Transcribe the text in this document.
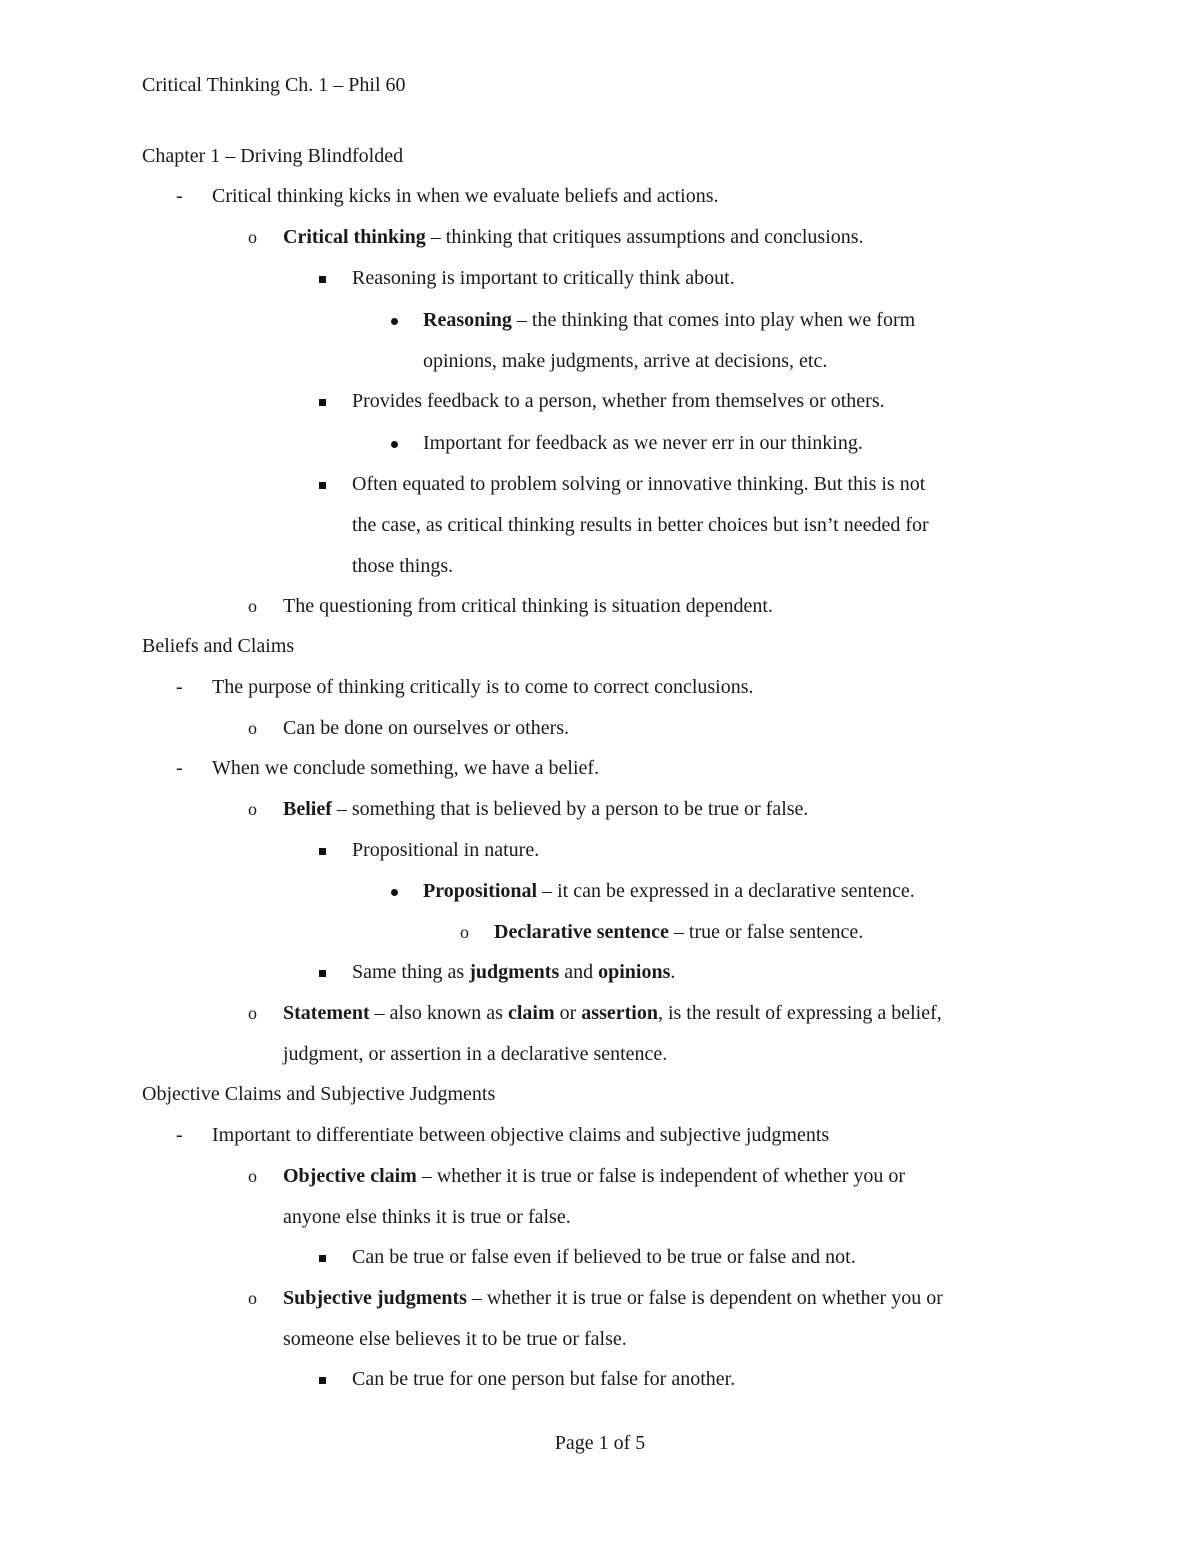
Critical Thinking Ch. 1 – Phil 60
Chapter 1 – Driving Blindfolded
- Critical thinking kicks in when we evaluate beliefs and actions.
o Critical thinking – thinking that critiques assumptions and conclusions.
Reasoning is important to critically think about.
Reasoning – the thinking that comes into play when we form
opinions, make judgments, arrive at decisions, etc.
Provides feedback to a person, whether from themselves or others.
Important for feedback as we never err in our thinking.
Often equated to problem solving or innovative thinking. But this is not
the case, as critical thinking results in better choices but isn’t needed for
those things.
o The questioning from critical thinking is situation dependent.
Beliefs and Claims
- The purpose of thinking critically is to come to correct conclusions.
o Can be done on ourselves or others.
- When we conclude something, we have a belief.
o Belief – something that is believed by a person to be true or false.
Propositional in nature.
Propositional – it can be expressed in a declarative sentence.
o Declarative sentence – true or false sentence.
Same thing as judgments and opinions.
o Statement – also known as claim or assertion, is the result of expressing a belief,
judgment, or assertion in a declarative sentence.
Objective Claims and Subjective Judgments
- Important to differentiate between objective claims and subjective judgments
o Objective claim – whether it is true or false is independent of whether you or
anyone else thinks it is true or false.
Can be true or false even if believed to be true or false and not.
o Subjective judgments – whether it is true or false is dependent on whether you or
someone else believes it to be true or false.
Can be true for one person but false for another.
Page 1 of 5
